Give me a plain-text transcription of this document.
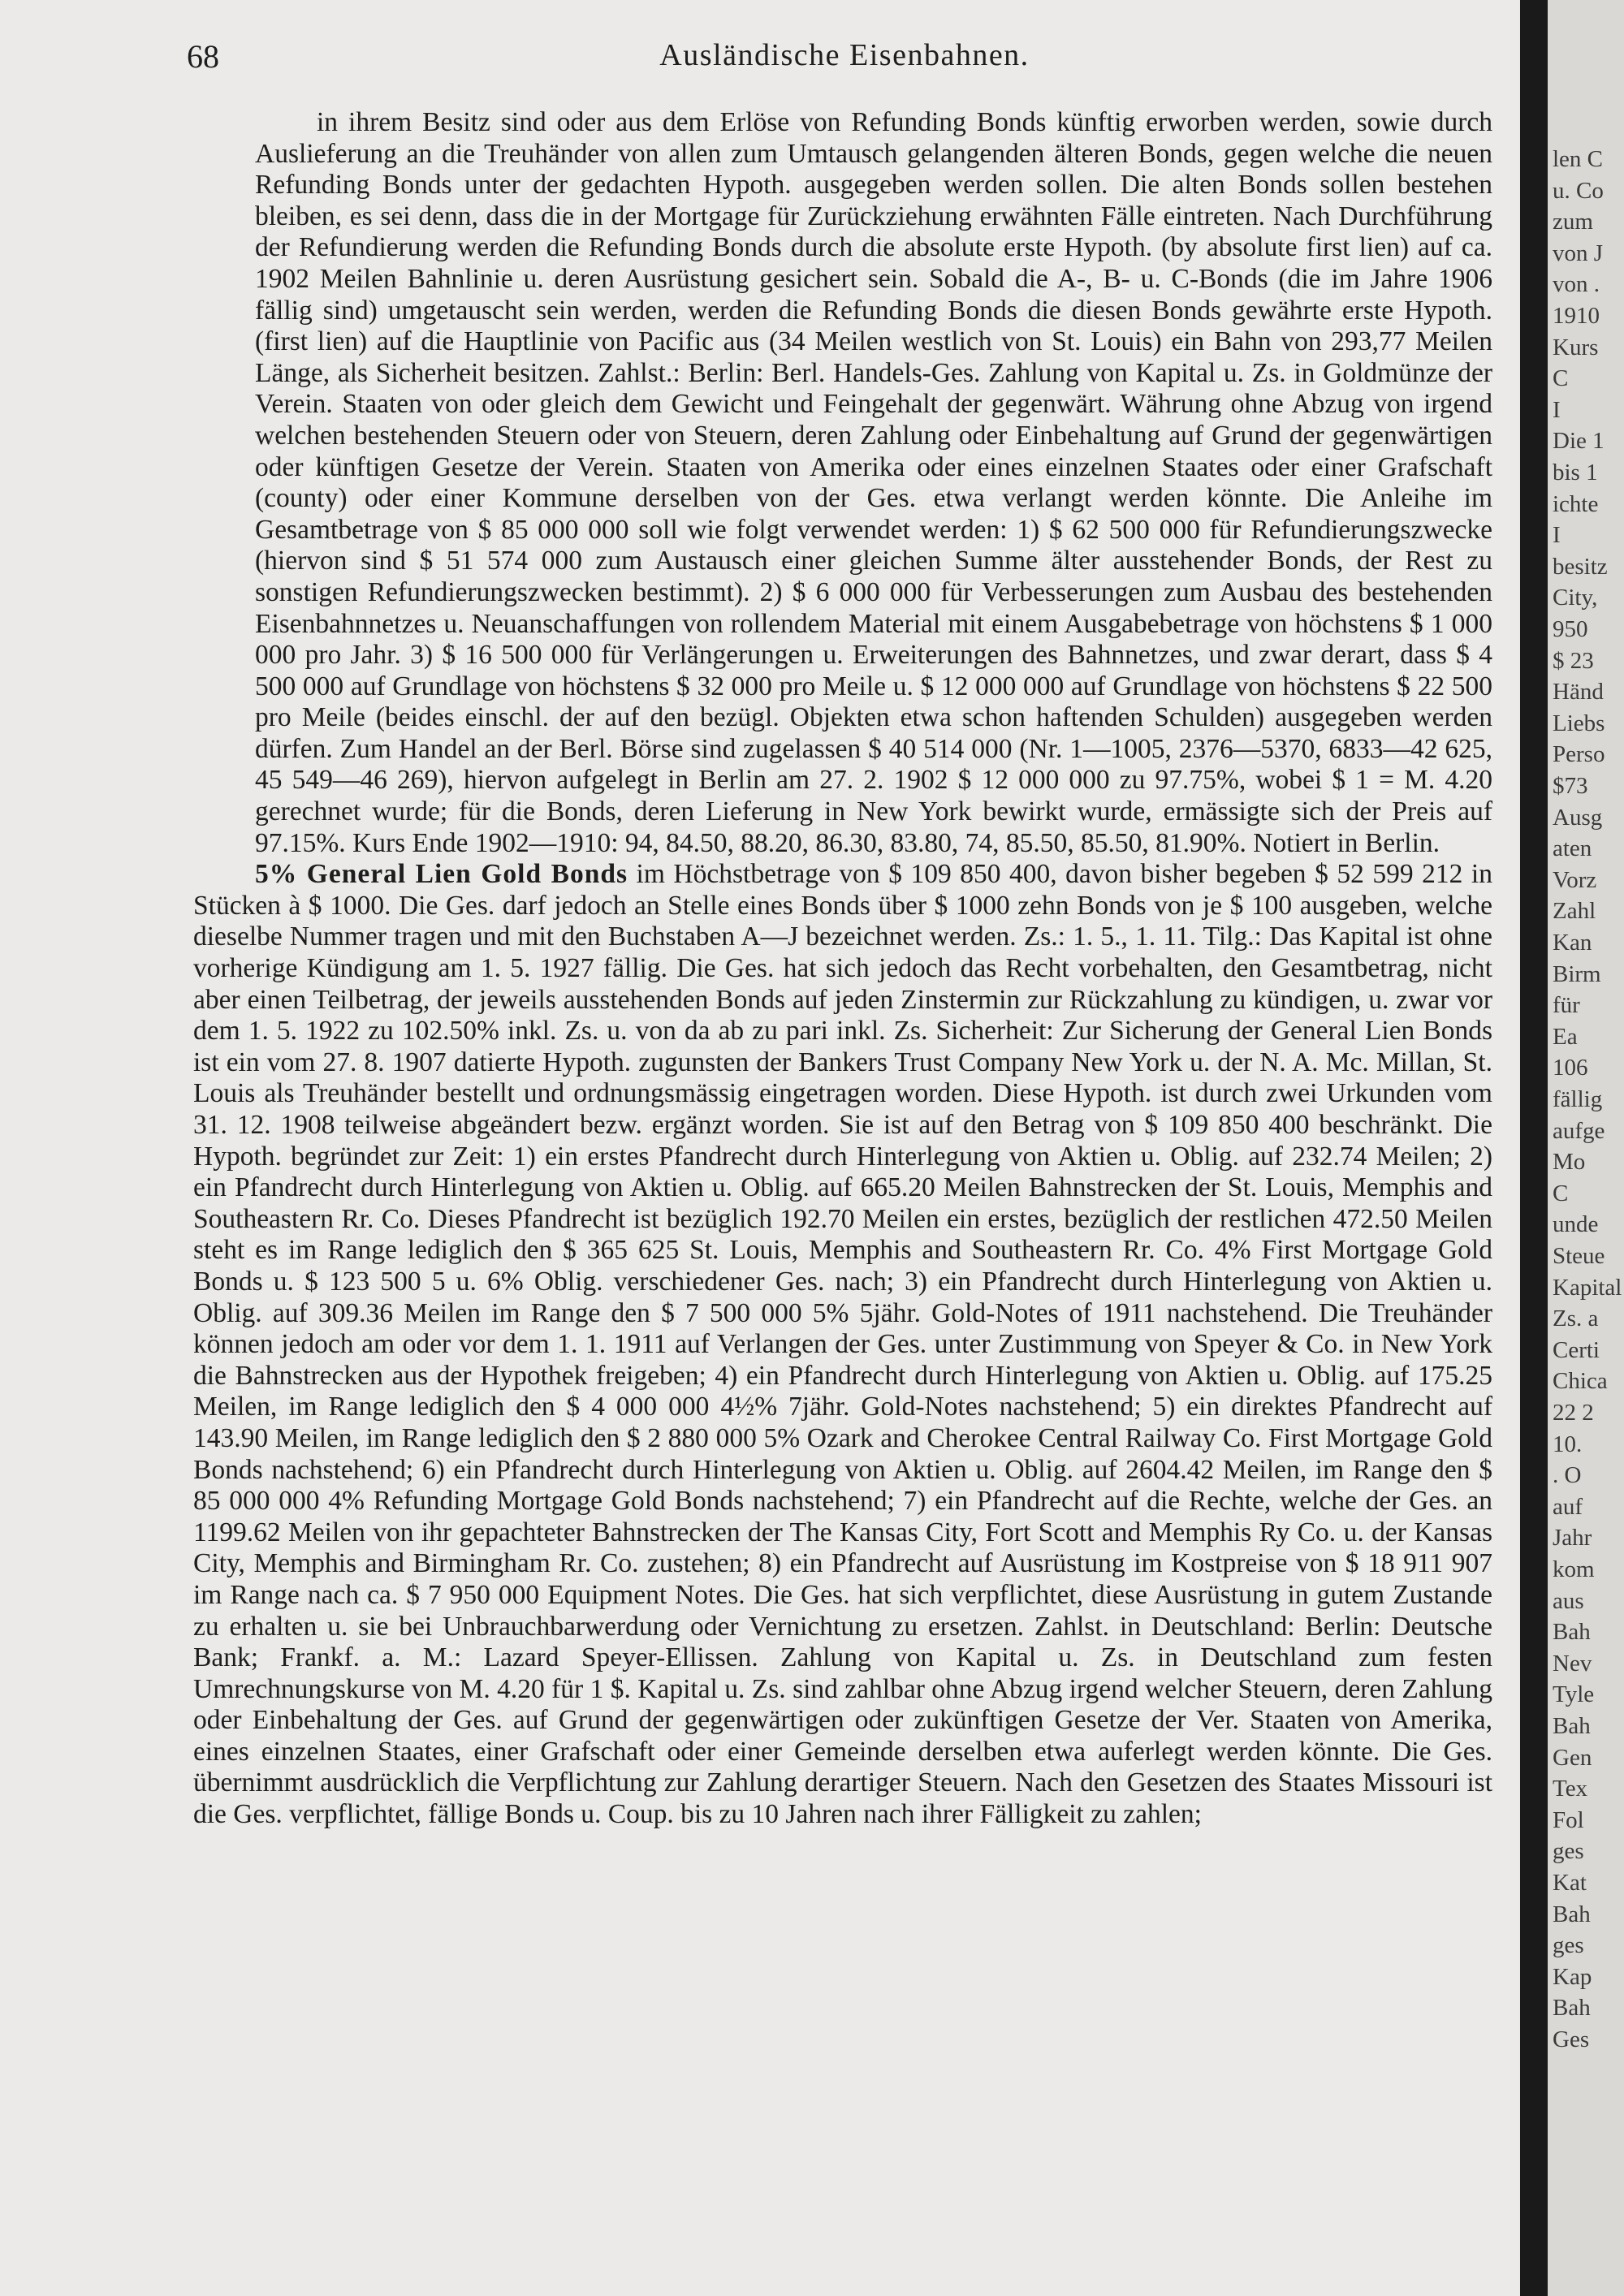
68	Ausländische Eisenbahnen.

in ihrem Besitz sind oder aus dem Erlöse von Refunding Bonds künftig erworben werden, sowie durch Auslieferung an die Treuhänder von allen zum Umtausch gelangenden älteren Bonds, gegen welche die neuen Refunding Bonds unter der gedachten Hypoth. ausgegeben werden sollen. Die alten Bonds sollen bestehen bleiben, es sei denn, dass die in der Mortgage für Zurückziehung erwähnten Fälle eintreten. Nach Durchführung der Refundierung werden die Refunding Bonds durch die absolute erste Hypoth. (by absolute first lien) auf ca. 1902 Meilen Bahnlinie u. deren Ausrüstung gesichert sein. Sobald die A-, B- u. C-Bonds (die im Jahre 1906 fällig sind) umgetauscht sein werden, werden die Refunding Bonds die diesen Bonds gewährte erste Hypoth. (first lien) auf die Hauptlinie von Pacific aus (34 Meilen westlich von St. Louis) ein Bahn von 293,77 Meilen Länge, als Sicherheit besitzen. Zahlst.: Berlin: Berl. Handels-Ges. Zahlung von Kapital u. Zs. in Goldmünze der Verein. Staaten von oder gleich dem Gewicht und Feingehalt der gegenwärt. Währung ohne Abzug von irgend welchen bestehenden Steuern oder von Steuern, deren Zahlung oder Einbehaltung auf Grund der gegenwärtigen oder künftigen Gesetze der Verein. Staaten von Amerika oder eines einzelnen Staates oder einer Grafschaft (county) oder einer Kommune derselben von der Ges. etwa verlangt werden könnte. Die Anleihe im Gesamtbetrage von $ 85 000 000 soll wie folgt verwendet werden: 1) $ 62 500 000 für Refundierungszwecke (hiervon sind $ 51 574 000 zum Austausch einer gleichen Summe älter ausstehender Bonds, der Rest zu sonstigen Refundierungszwecken bestimmt). 2) $ 6 000 000 für Verbesserungen zum Ausbau des bestehenden Eisenbahnnetzes u. Neuanschaffungen von rollendem Material mit einem Ausgabebetrage von höchstens $ 1 000 000 pro Jahr. 3) $ 16 500 000 für Verlängerungen u. Erweiterungen des Bahnnetzes, und zwar derart, dass $ 4 500 000 auf Grundlage von höchstens $ 32 000 pro Meile u. $ 12 000 000 auf Grundlage von höchstens $ 22 500 pro Meile (beides einschl. der auf den bezügl. Objekten etwa schon haftenden Schulden) ausgegeben werden dürfen. Zum Handel an der Berl. Börse sind zugelassen $ 40 514 000 (Nr. 1—1005, 2376—5370, 6833—42 625, 45 549—46 269), hiervon aufgelegt in Berlin am 27. 2. 1902 $ 12 000 000 zu 97.75%, wobei $ 1 = M. 4.20 gerechnet wurde; für die Bonds, deren Lieferung in New York bewirkt wurde, ermässigte sich der Preis auf 97.15%. Kurs Ende 1902—1910: 94, 84.50, 88.20, 86.30, 83.80, 74, 85.50, 85.50, 81.90%. Notiert in Berlin.

5% General Lien Gold Bonds im Höchstbetrage von $ 109 850 400, davon bisher begeben $ 52 599 212 in Stücken à $ 1000. Die Ges. darf jedoch an Stelle eines Bonds über $ 1000 zehn Bonds von je $ 100 ausgeben, welche dieselbe Nummer tragen und mit den Buchstaben A—J bezeichnet werden. Zs.: 1. 5., 1. 11. Tilg.: Das Kapital ist ohne vorherige Kündigung am 1. 5. 1927 fällig. Die Ges. hat sich jedoch das Recht vorbehalten, den Gesamtbetrag, nicht aber einen Teilbetrag, der jeweils ausstehenden Bonds auf jeden Zinstermin zur Rückzahlung zu kündigen, u. zwar vor dem 1. 5. 1922 zu 102.50% inkl. Zs. u. von da ab zu pari inkl. Zs. Sicherheit: Zur Sicherung der General Lien Bonds ist ein vom 27. 8. 1907 datierte Hypoth. zugunsten der Bankers Trust Company New York u. der N. A. Mc. Millan, St. Louis als Treuhänder bestellt und ordnungsmässig eingetragen worden. Diese Hypoth. ist durch zwei Urkunden vom 31. 12. 1908 teilweise abgeändert bezw. ergänzt worden. Sie ist auf den Betrag von $ 109 850 400 beschränkt. Die Hypoth. begründet zur Zeit: 1) ein erstes Pfandrecht durch Hinterlegung von Aktien u. Oblig. auf 232.74 Meilen; 2) ein Pfandrecht durch Hinterlegung von Aktien u. Oblig. auf 665.20 Meilen Bahnstrecken der St. Louis, Memphis and Southeastern Rr. Co. Dieses Pfandrecht ist bezüglich 192.70 Meilen ein erstes, bezüglich der restlichen 472.50 Meilen steht es im Range lediglich den $ 365 625 St. Louis, Memphis and Southeastern Rr. Co. 4% First Mortgage Gold Bonds u. $ 123 500 5 u. 6% Oblig. verschiedener Ges. nach; 3) ein Pfandrecht durch Hinterlegung von Aktien u. Oblig. auf 309.36 Meilen im Range den $ 7 500 000 5% 5jähr. Gold-Notes of 1911 nachstehend. Die Treuhänder können jedoch am oder vor dem 1. 1. 1911 auf Verlangen der Ges. unter Zustimmung von Speyer & Co. in New York die Bahnstrecken aus der Hypothek freigeben; 4) ein Pfandrecht durch Hinterlegung von Aktien u. Oblig. auf 175.25 Meilen, im Range lediglich den $ 4 000 000 4½% 7jähr. Gold-Notes nachstehend; 5) ein direktes Pfandrecht auf 143.90 Meilen, im Range lediglich den $ 2 880 000 5% Ozark and Cherokee Central Railway Co. First Mortgage Gold Bonds nachstehend; 6) ein Pfandrecht durch Hinterlegung von Aktien u. Oblig. auf 2604.42 Meilen, im Range den $ 85 000 000 4% Refunding Mortgage Gold Bonds nachstehend; 7) ein Pfandrecht auf die Rechte, welche der Ges. an 1199.62 Meilen von ihr gepachteter Bahnstrecken der The Kansas City, Fort Scott and Memphis Ry Co. u. der Kansas City, Memphis and Birmingham Rr. Co. zustehen; 8) ein Pfandrecht auf Ausrüstung im Kostpreise von $ 18 911 907 im Range nach ca. $ 7 950 000 Equipment Notes. Die Ges. hat sich verpflichtet, diese Ausrüstung in gutem Zustande zu erhalten u. sie bei Unbrauchbarwerdung oder Vernichtung zu ersetzen. Zahlst. in Deutschland: Berlin: Deutsche Bank; Frankf. a. M.: Lazard Speyer-Ellissen. Zahlung von Kapital u. Zs. in Deutschland zum festen Umrechnungskurse von M. 4.20 für 1 $. Kapital u. Zs. sind zahlbar ohne Abzug irgend welcher Steuern, deren Zahlung oder Einbehaltung der Ges. auf Grund der gegenwärtigen oder zukünftigen Gesetze der Ver. Staaten von Amerika, eines einzelnen Staates, einer Grafschaft oder einer Gemeinde derselben etwa auferlegt werden könnte. Die Ges. übernimmt ausdrücklich die Verpflichtung zur Zahlung derartiger Steuern. Nach den Gesetzen des Staates Missouri ist die Ges. verpflichtet, fällige Bonds u. Coup. bis zu 10 Jahren nach ihrer Fälligkeit zu zahlen;

len C
u. Co
zum
von J
von .
1910
Kurs
C
I
Die 1
bis 1
ichte
I
besitz
City,
950
$ 23
Händ
Liebs
Perso
$73
Ausg
aten
Vorz
Zahl
Kan
Birm
für
Ea
106
fällig
aufge
Mo
C
unde
Steue
Kapital
Zs. a
Certi
Chica
22 2
10.
. O
auf
Jahr
kom
aus
Bah
Nev
Tyle
Bah
Gen
Tex
Fol
ges
Kat
Bah
ges
Kap
Bah
Ges
